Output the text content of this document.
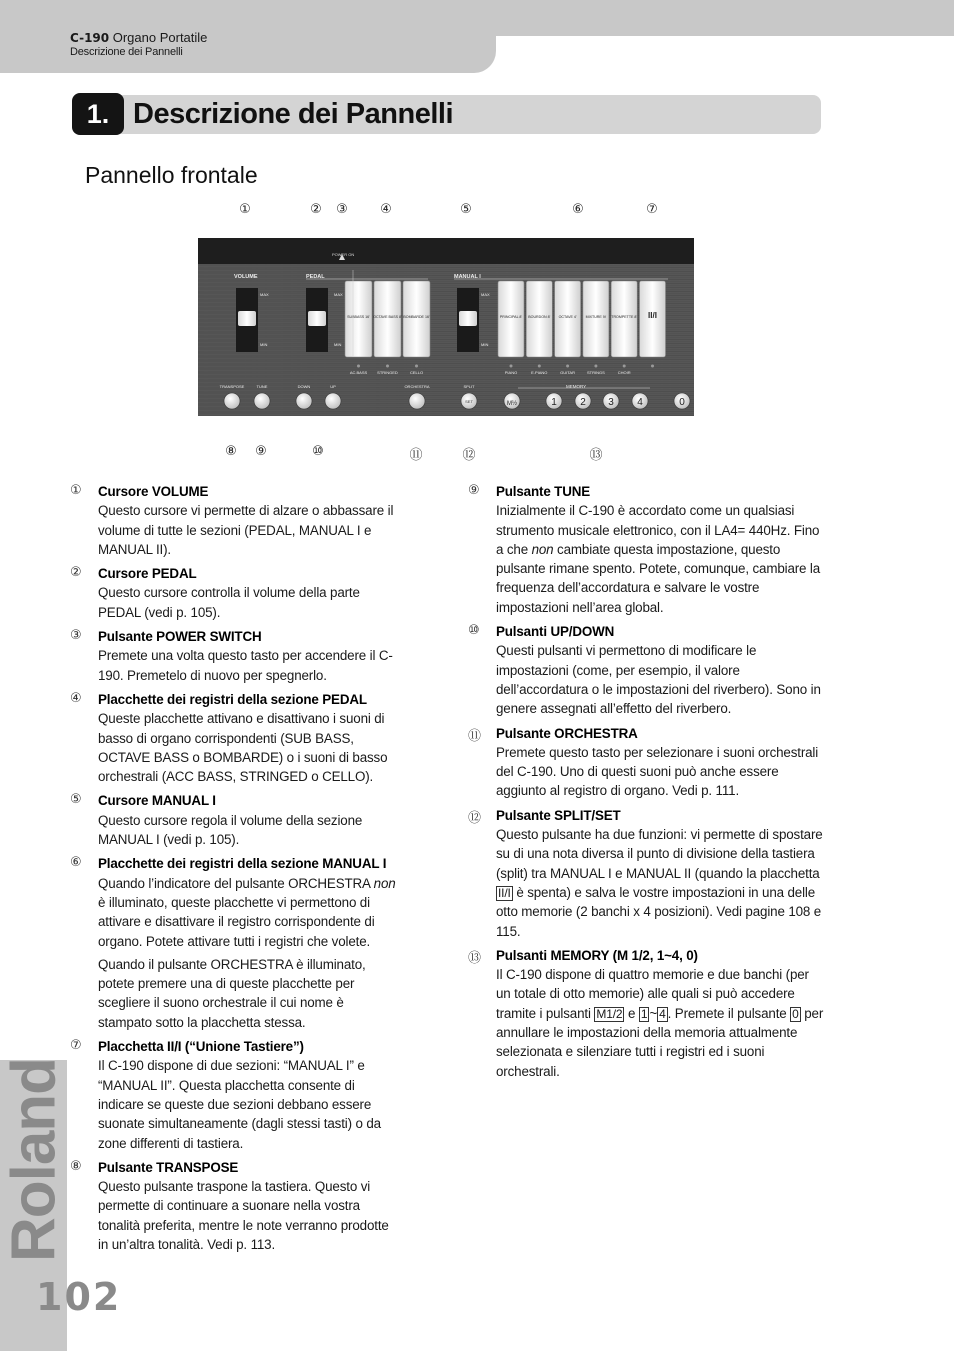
C-190 Organo Portatile
Descrizione dei Pannelli
1. Descrizione dei Pannelli
Pannello frontale
①	② ③ ④	⑤	⑥	⑦
⑧ ⑨	⑩	⑪	⑫	⑬
POWER ON
VOLUME	PEDAL	MANUAL I
MAX
MIN
MAX
MIN
MAX
MIN
SUBBASS 16'
AC.BASS
OCTAVE BASS 8'
STRINGED
BOMBARDE 16'
CELLO
PRINCIPAL 8'
PIANO
BOURDON 8'
E.PIANO
OCTAVE 4'
GUITAR
MIXTURE IV
STRINGS
TROMPETTE 8'
CHOIR
II/I
TRANSPOSE	TUNE	DOWN	UP	ORCHESTRA	SPLIT
SET	M½	1 2 3 4	0
MEMORY
①	Cursore VOLUME

Questo cursore vi permette di alzare o abbassare il volume di tutte le sezioni (PEDAL, MANUAL I e MANUAL II).

②	Cursore PEDAL

Questo cursore controlla il volume della parte PEDAL (vedi p. 105).

③	Pulsante POWER SWITCH

Premete una volta questo tasto per accendere il C-190. Premetelo di nuovo per spegnerlo.

④	Placchette dei registri della sezione PEDAL

Queste placchette attivano e disattivano i suoni di basso di organo corrispondenti (SUB BASS, OCTAVE BASS o BOMBARDE) o i suoni di basso orchestrali (ACC BASS, STRINGED o CELLO).

⑤	Cursore MANUAL I

Questo cursore regola il volume della sezione MANUAL I (vedi p. 105).

⑥	Placchette dei registri della sezione MANUAL I

Quando l’indicatore del pulsante ORCHESTRA non è illuminato, queste placchette vi permettono di attivare e disattivare il registro corrispondente di organo. Potete attivare tutti i registri che volete.

Quando il pulsante ORCHESTRA è illuminato, potete premere una di queste placchette per scegliere il suono orchestrale il cui nome è stampato sotto la placchetta stessa.

⑦	Placchetta II/I (“Unione Tastiere”)

Il C-190 dispone di due sezioni: “MANUAL I” e “MANUAL II”. Questa placchetta consente di indicare se queste due sezioni debbano essere suonate simultaneamente (dagli stessi tasti) o da zone differenti di tastiera.

⑧	Pulsante TRANSPOSE

Questo pulsante traspone la tastiera. Questo vi permette di continuare a suonare nella vostra tonalità preferita, mentre le note verranno prodotte in un’altra tonalità. Vedi p. 113.

⑨	Pulsante TUNE

Inizialmente il C-190 è accordato come un qualsiasi strumento musicale elettronico, con il LA4= 440Hz. Fino a che non cambiate questa impostazione, questo pulsante rimane spento. Potete, comunque, cambiare la frequenza dell’accordatura e salvare le vostre impostazioni nell’area global.

⑩	Pulsanti UP/DOWN

Questi pulsanti vi permettono di modificare le impostazioni (come, per esempio, il valore dell’accordatura o le impostazioni del riverbero). Sono in genere assegnati all’effetto del riverbero.

⑪	Pulsante ORCHESTRA

Premete questo tasto per selezionare i suoni orchestrali del C-190. Uno di questi suoni può anche essere aggiunto al registro di organo. Vedi p. 111.

⑫	Pulsante SPLIT/SET

Questo pulsante ha due funzioni: vi permette di spostare su di una nota diversa il punto di divisione della tastiera (split) tra MANUAL I e MANUAL II (quando la placchetta II/I è spenta) e salva le vostre impostazioni in una delle otto memorie (2 banchi x 4 posizioni). Vedi pagine 108 e 115.

⑬	Pulsanti MEMORY (M 1/2, 1~4, 0)

Il C-190 dispone di quattro memorie e due banchi (per un totale di otto memorie) alle quali si può accedere tramite i pulsanti M1/2 e 1 ~ 4 . Premete il pulsante 0 per annullare le impostazioni della memoria attualmente selezionata e silenziare tutti i registri ed i suoni orchestrali.

Roland
102
